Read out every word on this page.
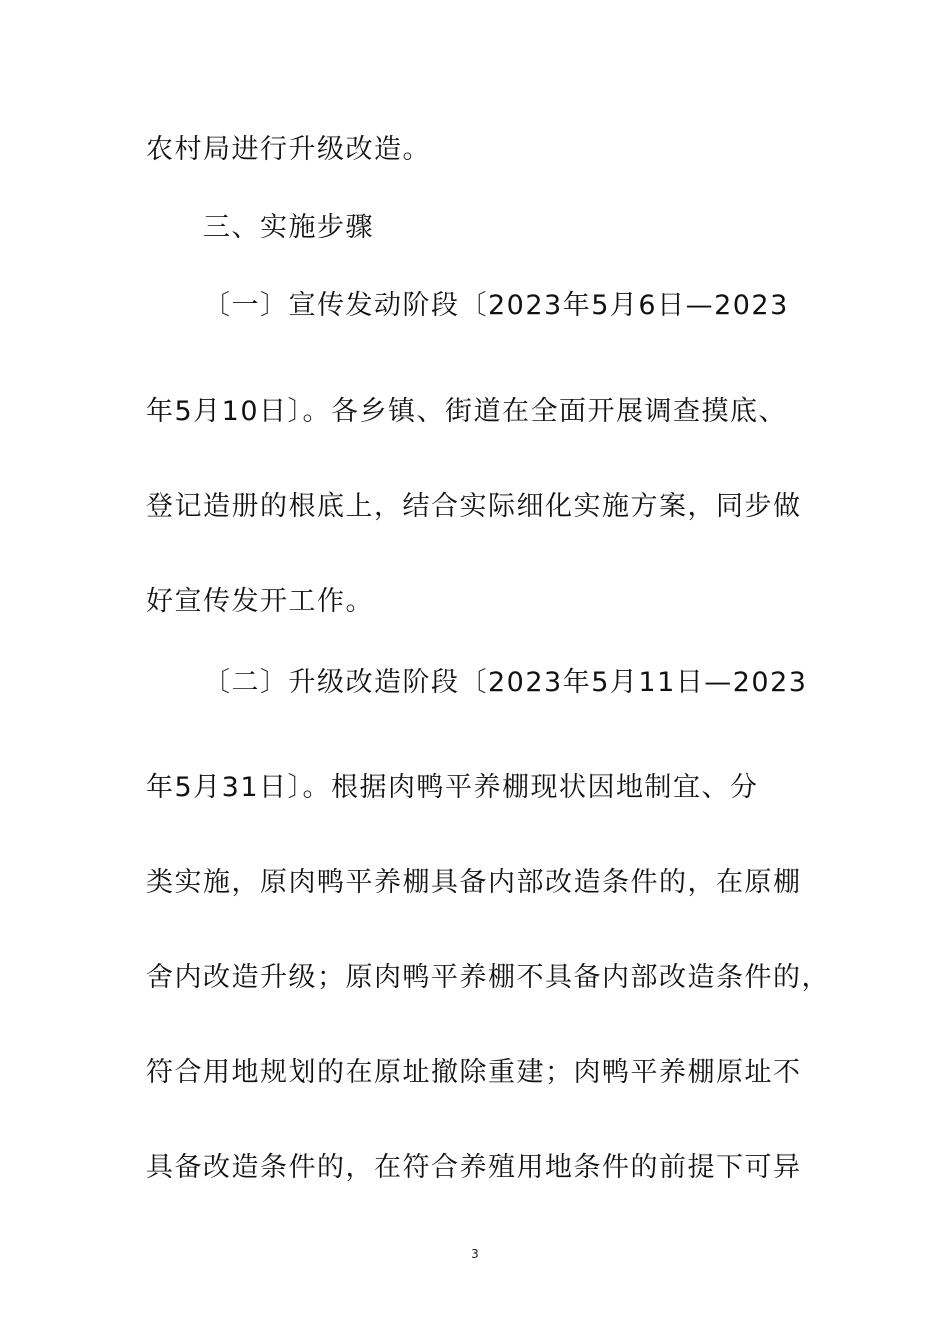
农村局进行升级改造。
三、实施步骤
〔一〕宣传发动阶段〔2023年5月6日—2023
年5月10日〕。各乡镇、街道在全面开展调查摸底、
登记造册的根底上，结合实际细化实施方案，同步做
好宣传发开工作。
〔二〕升级改造阶段〔2023年5月11日—2023
年5月31日〕。根据肉鸭平养棚现状因地制宜、分
类实施，原肉鸭平养棚具备内部改造条件的，在原棚
舍内改造升级；原肉鸭平养棚不具备内部改造条件的，
符合用地规划的在原址撤除重建；肉鸭平养棚原址不
具备改造条件的，在符合养殖用地条件的前提下可异
3
